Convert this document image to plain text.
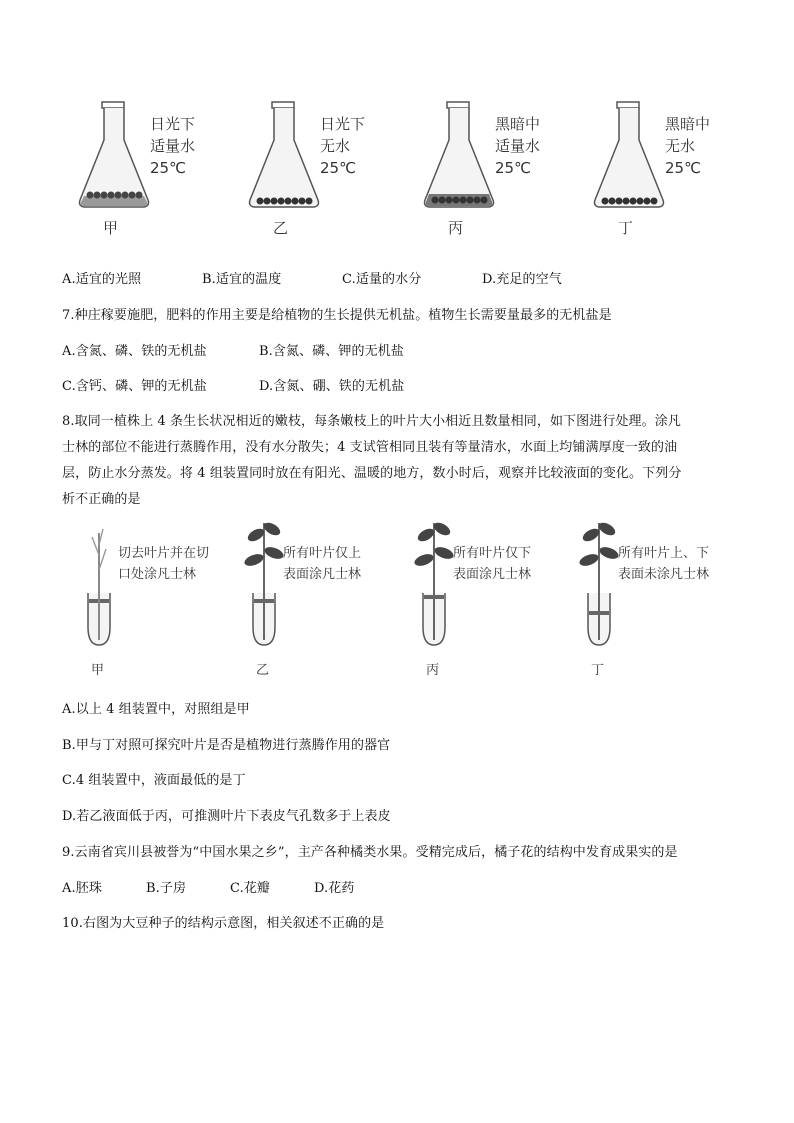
日光下
适量水
25℃
甲
日光下
无水
25℃
乙
黑暗中
适量水
25℃
丙
黑暗中
无水
25℃
丁
A.适宜的光照	B.适宜的温度	C.适量的水分	D.充足的空气
7.种庄稼要施肥，肥料的作用主要是给植物的生长提供无机盐。植物生长需要量最多的无机盐是
A.含氮、磷、铁的无机盐	B.含氮、磷、钾的无机盐
C.含钙、磷、钾的无机盐	D.含氮、硼、铁的无机盐
8.取同一植株上 4 条生长状况相近的嫩枝，每条嫩枝上的叶片大小相近且数量相同，如下图进行处理。涂凡
士林的部位不能进行蒸腾作用，没有水分散失；4 支试管相同且装有等量清水，水面上均铺满厚度一致的油
层，防止水分蒸发。将 4 组装置同时放在有阳光、温暖的地方，数小时后，观察并比较液面的变化。下列分
析不正确的是
切去叶片并在切
口处涂凡士林
甲
所有叶片仅上
表面涂凡士林
乙
所有叶片仅下
表面涂凡士林
丙
所有叶片上、下
表面未涂凡士林
丁
A.以上 4 组装置中，对照组是甲
B.甲与丁对照可探究叶片是否是植物进行蒸腾作用的器官
C.4 组装置中，液面最低的是丁
D.若乙液面低于丙，可推测叶片下表皮气孔数多于上表皮
9.云南省宾川县被誉为“中国水果之乡”，主产各种橘类水果。受精完成后，橘子花的结构中发育成果实的是
A.胚珠	B.子房	C.花瓣	D.花药
10.右图为大豆种子的结构示意图，相关叙述不正确的是
